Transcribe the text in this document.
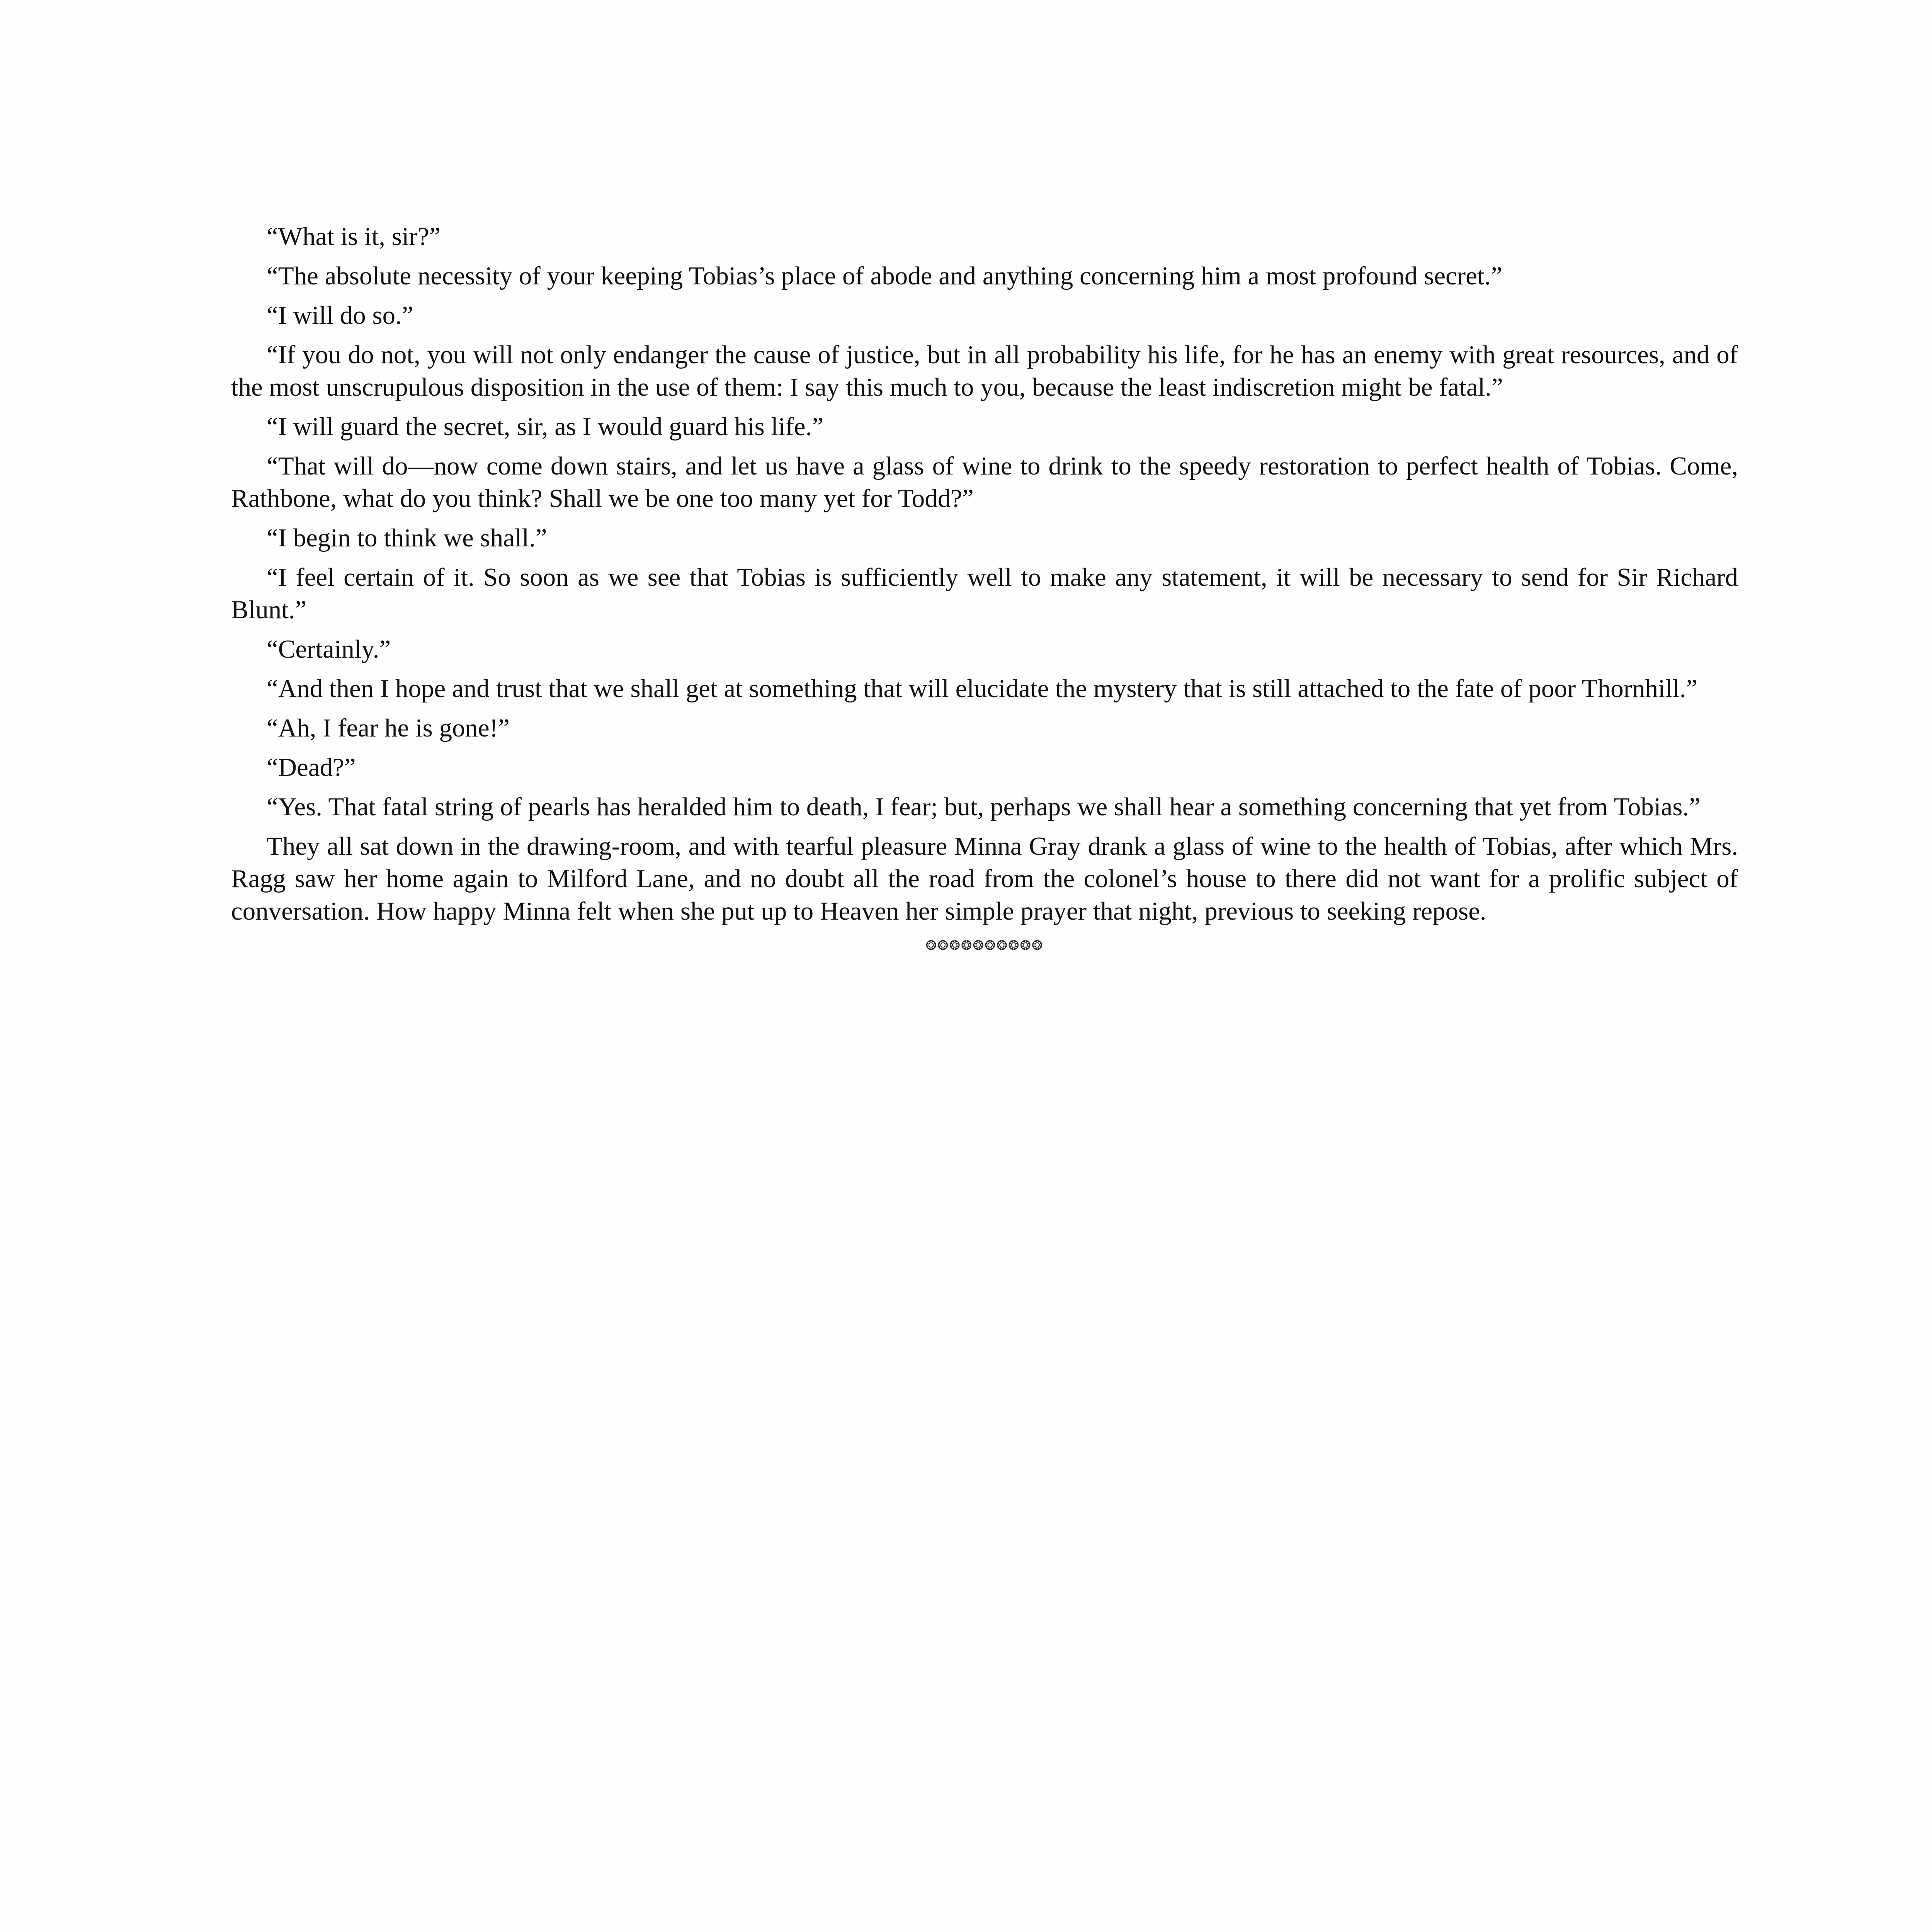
“What is it, sir?”

“The absolute necessity of your keeping Tobias’s place of abode and anything concerning him a most profound secret.”

“I will do so.”

“If you do not, you will not only endanger the cause of justice, but in all probability his life, for he has an enemy with great resources, and of the most unscrupulous disposition in the use of them: I say this much to you, because the least indiscretion might be fatal.”

“I will guard the secret, sir, as I would guard his life.”

“That will do—now come down stairs, and let us have a glass of wine to drink to the speedy restoration to perfect health of Tobias. Come, Rathbone, what do you think? Shall we be one too many yet for Todd?”

“I begin to think we shall.”

“I feel certain of it. So soon as we see that Tobias is sufficiently well to make any statement, it will be necessary to send for Sir Richard Blunt.”

“Certainly.”

“And then I hope and trust that we shall get at something that will elucidate the mystery that is still attached to the fate of poor Thornhill.”

“Ah, I fear he is gone!”

“Dead?”

“Yes. That fatal string of pearls has heralded him to death, I fear; but, perhaps we shall hear a something concerning that yet from Tobias.”

They all sat down in the drawing-room, and with tearful pleasure Minna Gray drank a glass of wine to the health of Tobias, after which Mrs. Ragg saw her home again to Milford Lane, and no doubt all the road from the colonel’s house to there did not want for a prolific subject of conversation. How happy Minna felt when she put up to Heaven her simple prayer that night, previous to seeking repose.

❂❂❂❂❂❂❂❂❂❂
